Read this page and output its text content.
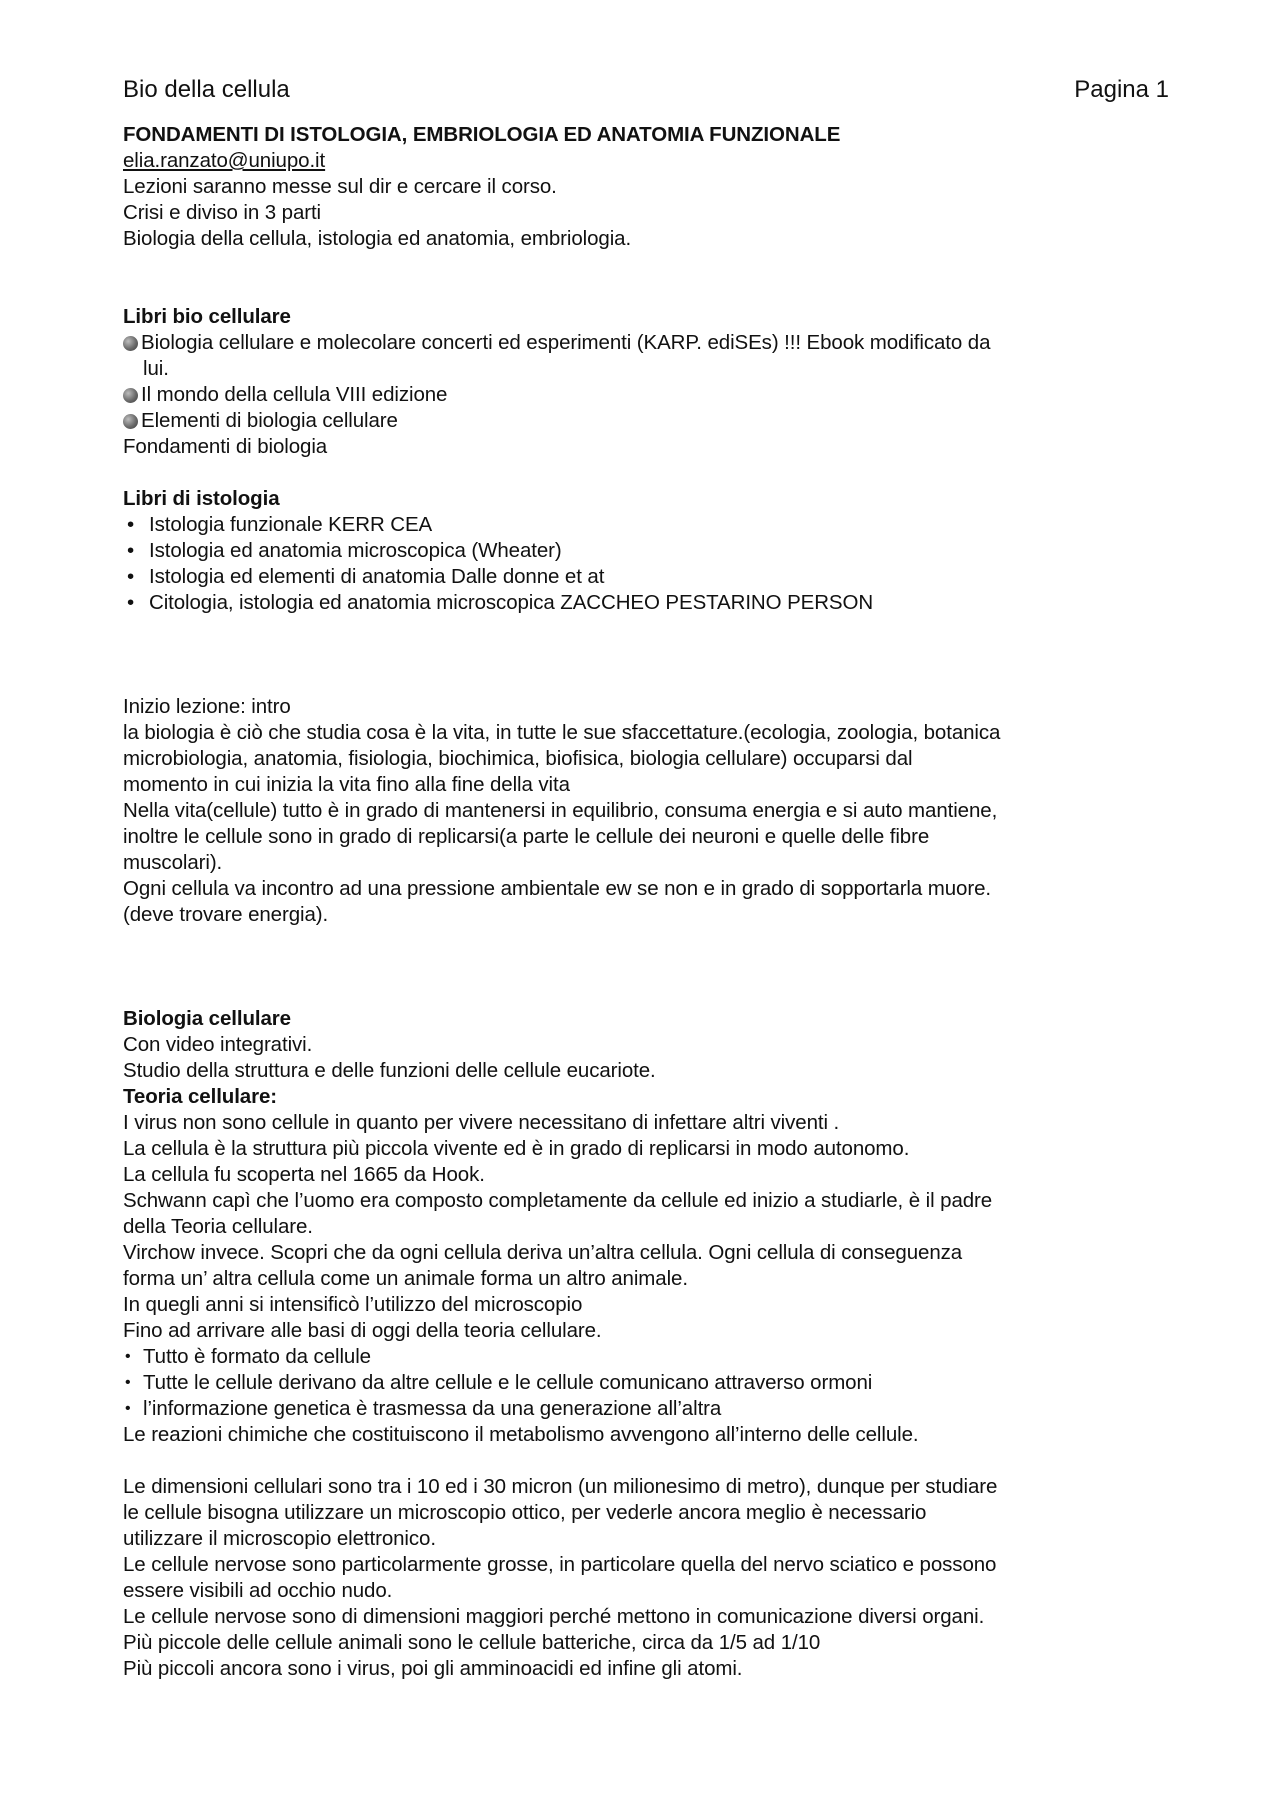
Bio della cellula	Pagina 1
FONDAMENTI DI ISTOLOGIA, EMBRIOLOGIA ED ANATOMIA FUNZIONALE
elia.ranzato@uniupo.it
Lezioni saranno messe sul dir e cercare il corso.
Crisi e diviso in 3 parti
Biologia della cellula, istologia ed anatomia, embriologia.
Libri bio cellulare
Biologia cellulare e molecolare concerti ed esperimenti (KARP. ediSEs) !!! Ebook modificato da
lui.
Il mondo della cellula VIII edizione
Elementi di biologia cellulare
Fondamenti di biologia
Libri di istologia
• Istologia funzionale KERR CEA
• Istologia ed anatomia microscopica (Wheater)
• Istologia ed elementi di anatomia Dalle donne et at
• Citologia, istologia ed anatomia microscopica ZACCHEO PESTARINO PERSON
Inizio lezione: intro
la biologia è ciò che studia cosa è la vita, in tutte le sue sfaccettature.(ecologia, zoologia, botanica
microbiologia, anatomia, fisiologia, biochimica, biofisica, biologia cellulare) occuparsi dal
momento in cui inizia la vita fino alla fine della vita
Nella vita(cellule) tutto è in grado di mantenersi in equilibrio, consuma energia e si auto mantiene,
inoltre le cellule sono in grado di replicarsi(a parte le cellule dei neuroni e quelle delle fibre
muscolari).
Ogni cellula va incontro ad una pressione ambientale ew se non e in grado di sopportarla muore.
(deve trovare energia).
Biologia cellulare
Con video integrativi.
Studio della struttura e delle funzioni delle cellule eucariote.
Teoria cellulare:
I virus non sono cellule in quanto per vivere necessitano di infettare altri viventi .
La cellula è la struttura più piccola vivente ed è in grado di replicarsi in modo autonomo.
La cellula fu scoperta nel 1665 da Hook.
Schwann capì che l’uomo era composto completamente da cellule ed inizio a studiarle, è il padre
della Teoria cellulare.
Virchow invece. Scopri che da ogni cellula deriva un’altra cellula. Ogni cellula di conseguenza
forma un’ altra cellula come un animale forma un altro animale.
In quegli anni si intensificò l’utilizzo del microscopio
Fino ad arrivare alle basi di oggi della teoria cellulare.
• Tutto è formato da cellule
• Tutte le cellule derivano da altre cellule e le cellule comunicano attraverso ormoni
• l’informazione genetica è trasmessa da una generazione all’altra
Le reazioni chimiche che costituiscono il metabolismo avvengono all’interno delle cellule.
Le dimensioni cellulari sono tra i 10 ed i 30 micron (un milionesimo di metro), dunque per studiare
le cellule bisogna utilizzare un microscopio ottico, per vederle ancora meglio è necessario
utilizzare il microscopio elettronico.
Le cellule nervose sono particolarmente grosse, in particolare quella del nervo sciatico e possono
essere visibili ad occhio nudo.
Le cellule nervose sono di dimensioni maggiori perché mettono in comunicazione diversi organi.
Più piccole delle cellule animali sono le cellule batteriche, circa da 1/5 ad 1/10
Più piccoli ancora sono i virus, poi gli amminoacidi ed infine gli atomi.
